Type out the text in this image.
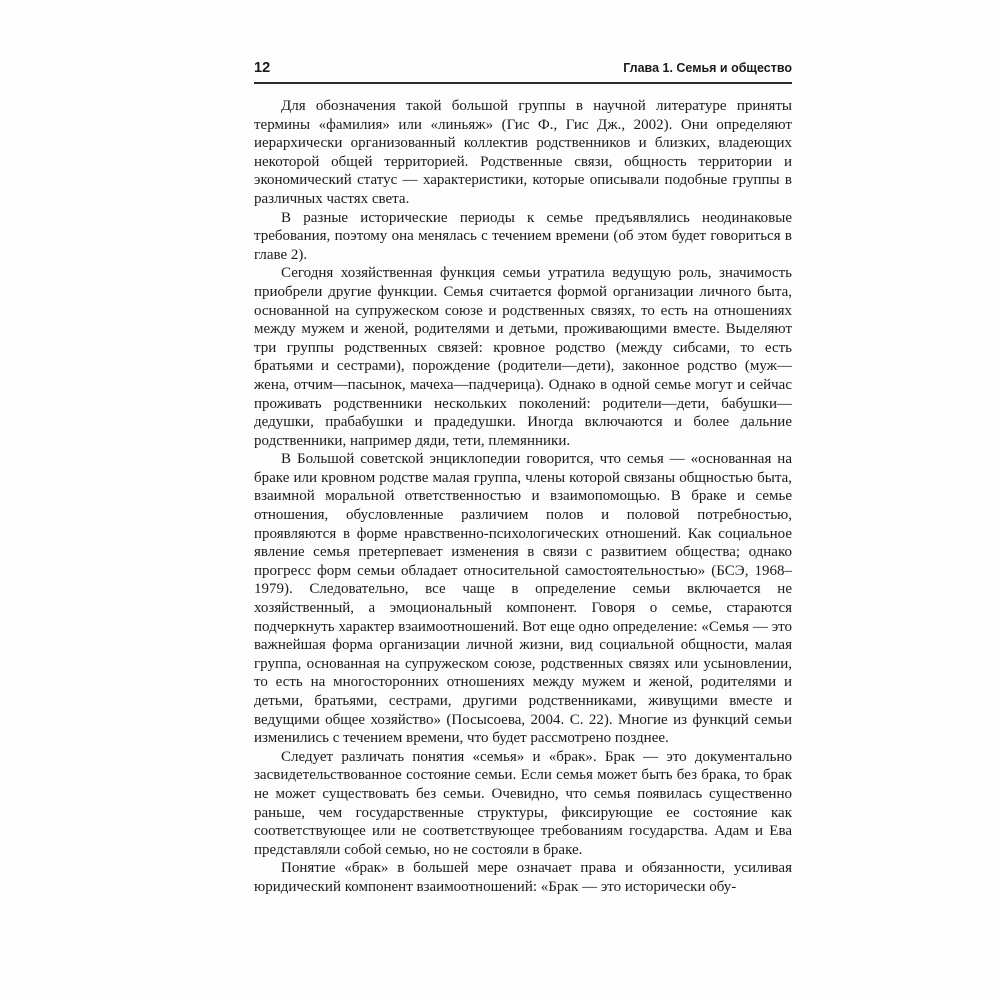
12	Глава 1. Семья и общество

Для обозначения такой большой группы в научной литературе приняты термины «фамилия» или «линьяж» (Гис Ф., Гис Дж., 2002). Они определяют иерархически организованный коллектив родственников и близких, владеющих некоторой общей территорией. Родственные связи, общность территории и экономический статус — характеристики, которые описывали подобные группы в различных частях света.

В разные исторические периоды к семье предъявлялись неодинаковые требования, поэтому она менялась с течением времени (об этом будет говориться в главе 2).

Сегодня хозяйственная функция семьи утратила ведущую роль, значимость приобрели другие функции. Семья считается формой организации личного быта, основанной на супружеском союзе и родственных связях, то есть на отношениях между мужем и женой, родителями и детьми, проживающими вместе. Выделяют три группы родственных связей: кровное родство (между сибсами, то есть братьями и сестрами), порождение (родители—дети), законное родство (муж—жена, отчим—пасынок, мачеха—падчерица). Однако в одной семье могут и сейчас проживать родственники нескольких поколений: родители—дети, бабушки—дедушки, прабабушки и прадедушки. Иногда включаются и более дальние родственники, например дяди, тети, племянники.

В Большой советской энциклопедии говорится, что семья — «основанная на браке или кровном родстве малая группа, члены которой связаны общностью быта, взаимной моральной ответственностью и взаимопомощью. В браке и семье отношения, обусловленные различием полов и половой потребностью, проявляются в форме нравственно-психологических отношений. Как социальное явление семья претерпевает изменения в связи с развитием общества; однако прогресс форм семьи обладает относительной самостоятельностью» (БСЭ, 1968–1979). Следовательно, все чаще в определение семьи включается не хозяйственный, а эмоциональный компонент. Говоря о семье, стараются подчеркнуть характер взаимоотношений. Вот еще одно определение: «Семья — это важнейшая форма организации личной жизни, вид социальной общности, малая группа, основанная на супружеском союзе, родственных связях или усыновлении, то есть на многосторонних отношениях между мужем и женой, родителями и детьми, братьями, сестрами, другими родственниками, живущими вместе и ведущими общее хозяйство» (Посысоева, 2004. С. 22). Многие из функций семьи изменились с течением времени, что будет рассмотрено позднее.

Следует различать понятия «семья» и «брак». Брак — это документально засвидетельствованное состояние семьи. Если семья может быть без брака, то брак не может существовать без семьи. Очевидно, что семья появилась существенно раньше, чем государственные структуры, фиксирующие ее состояние как соответствующее или не соответствующее требованиям государства. Адам и Ева представляли собой семью, но не состояли в браке.

Понятие «брак» в большей мере означает права и обязанности, усиливая юридический компонент взаимоотношений: «Брак — это исторически обу-
